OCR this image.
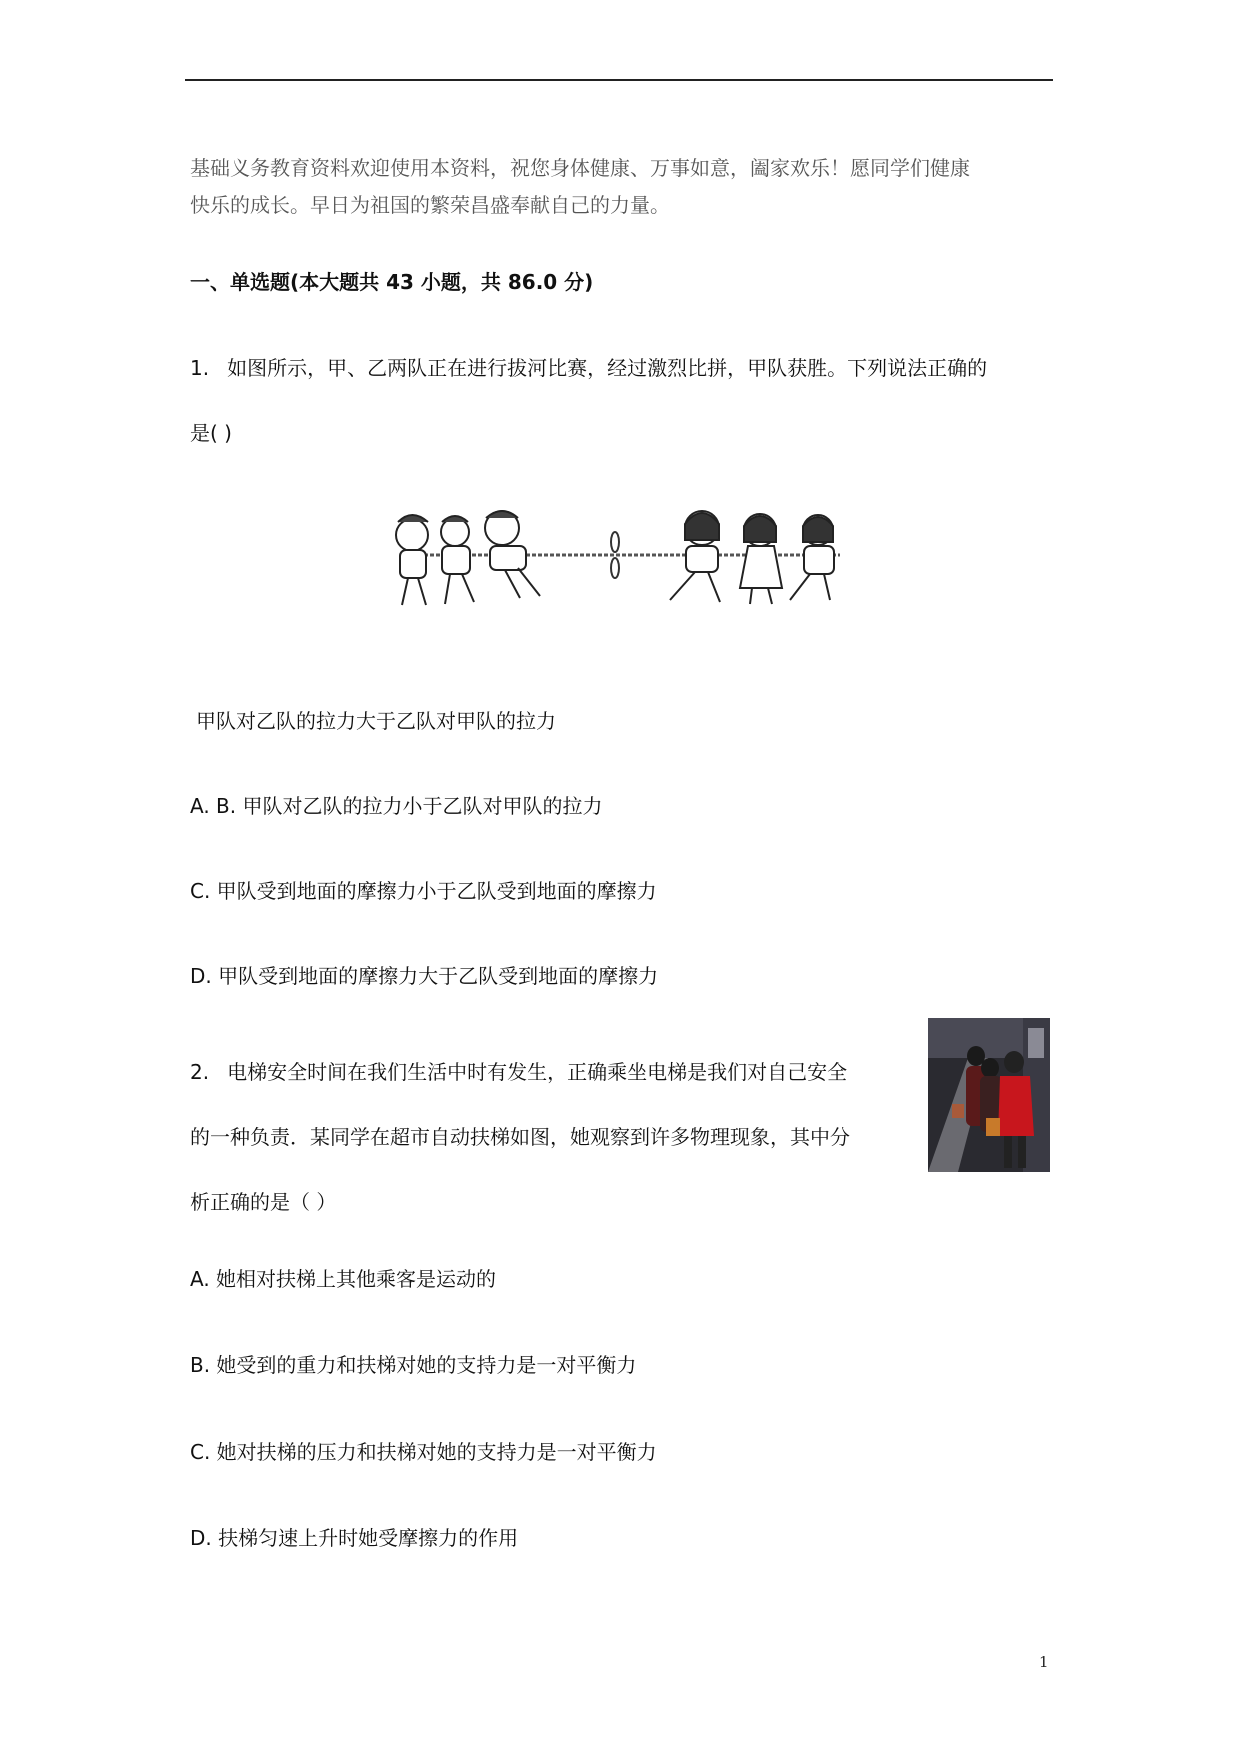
基础义务教育资料欢迎使用本资料，祝您身体健康、万事如意，阖家欢乐！愿同学们健康
快乐的成长。早日为祖国的繁荣昌盛奉献自己的力量。
一、单选题(本大题共 43 小题，共 86.0 分)
1. 如图所示，甲、乙两队正在进行拔河比赛，经过激烈比拼，甲队获胜。下列说法正确的
是( )
甲队对乙队的拉力大于乙队对甲队的拉力
A. B. 甲队对乙队的拉力小于乙队对甲队的拉力
C. 甲队受到地面的摩擦力小于乙队受到地面的摩擦力
D. 甲队受到地面的摩擦力大于乙队受到地面的摩擦力
2. 电梯安全时间在我们生活中时有发生，正确乘坐电梯是我们对自己安全
的一种负责．某同学在超市自动扶梯如图，她观察到许多物理现象，其中分
析正确的是（ ）
A. 她相对扶梯上其他乘客是运动的
B. 她受到的重力和扶梯对她的支持力是一对平衡力
C. 她对扶梯的压力和扶梯对她的支持力是一对平衡力
D. 扶梯匀速上升时她受摩擦力的作用
1
